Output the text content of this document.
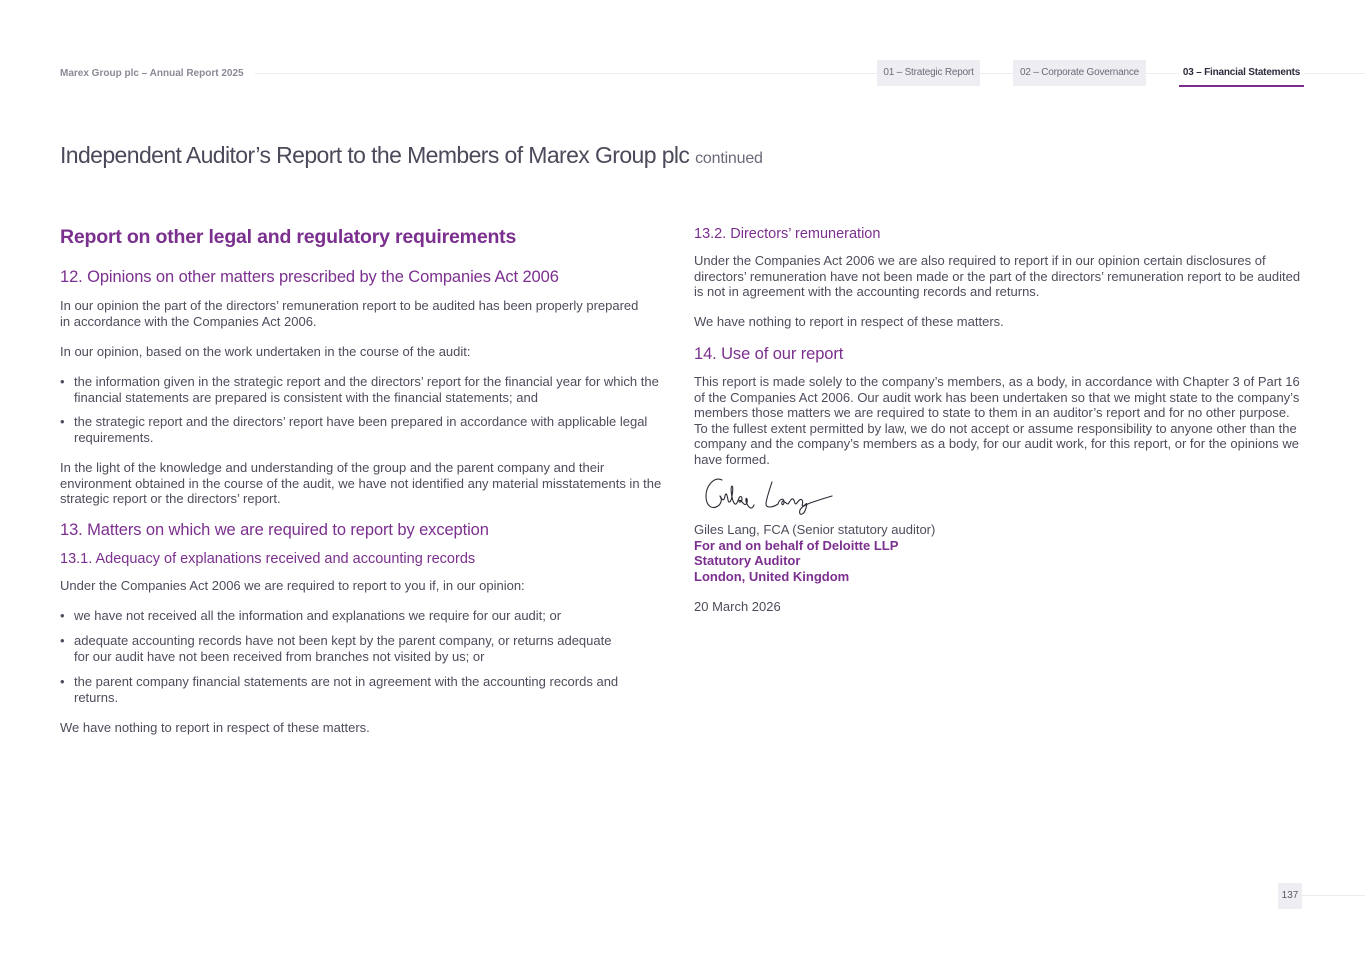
Marex Group plc – Annual Report 2025	01 – Strategic Report	02 – Corporate Governance	03 – Financial Statements
Independent Auditor’s Report to the Members of Marex Group plc continued
Report on other legal and regulatory requirements
12. Opinions on other matters prescribed by the Companies Act 2006
In our opinion the part of the directors’ remuneration report to be audited has been properly prepared in accordance with the Companies Act 2006.
In our opinion, based on the work undertaken in the course of the audit:
• the information given in the strategic report and the directors’ report for the financial year for which the financial statements are prepared is consistent with the financial statements; and
• the strategic report and the directors’ report have been prepared in accordance with applicable legal requirements.
In the light of the knowledge and understanding of the group and the parent company and their environment obtained in the course of the audit, we have not identified any material misstatements in the strategic report or the directors’ report.
13. Matters on which we are required to report by exception
13.1. Adequacy of explanations received and accounting records
Under the Companies Act 2006 we are required to report to you if, in our opinion:
• we have not received all the information and explanations we require for our audit; or
• adequate accounting records have not been kept by the parent company, or returns adequate for our audit have not been received from branches not visited by us; or
• the parent company financial statements are not in agreement with the accounting records and returns.
We have nothing to report in respect of these matters.
13.2. Directors’ remuneration
Under the Companies Act 2006 we are also required to report if in our opinion certain disclosures of directors’ remuneration have not been made or the part of the directors’ remuneration report to be audited is not in agreement with the accounting records and returns.
We have nothing to report in respect of these matters.
14. Use of our report
This report is made solely to the company’s members, as a body, in accordance with Chapter 3 of Part 16 of the Companies Act 2006. Our audit work has been undertaken so that we might state to the company’s members those matters we are required to state to them in an auditor’s report and for no other purpose. To the fullest extent permitted by law, we do not accept or assume responsibility to anyone other than the company and the company’s members as a body, for our audit work, for this report, or for the opinions we have formed.
Giles Lang, FCA (Senior statutory auditor)
For and on behalf of Deloitte LLP
Statutory Auditor
London, United Kingdom
20 March 2026
137
